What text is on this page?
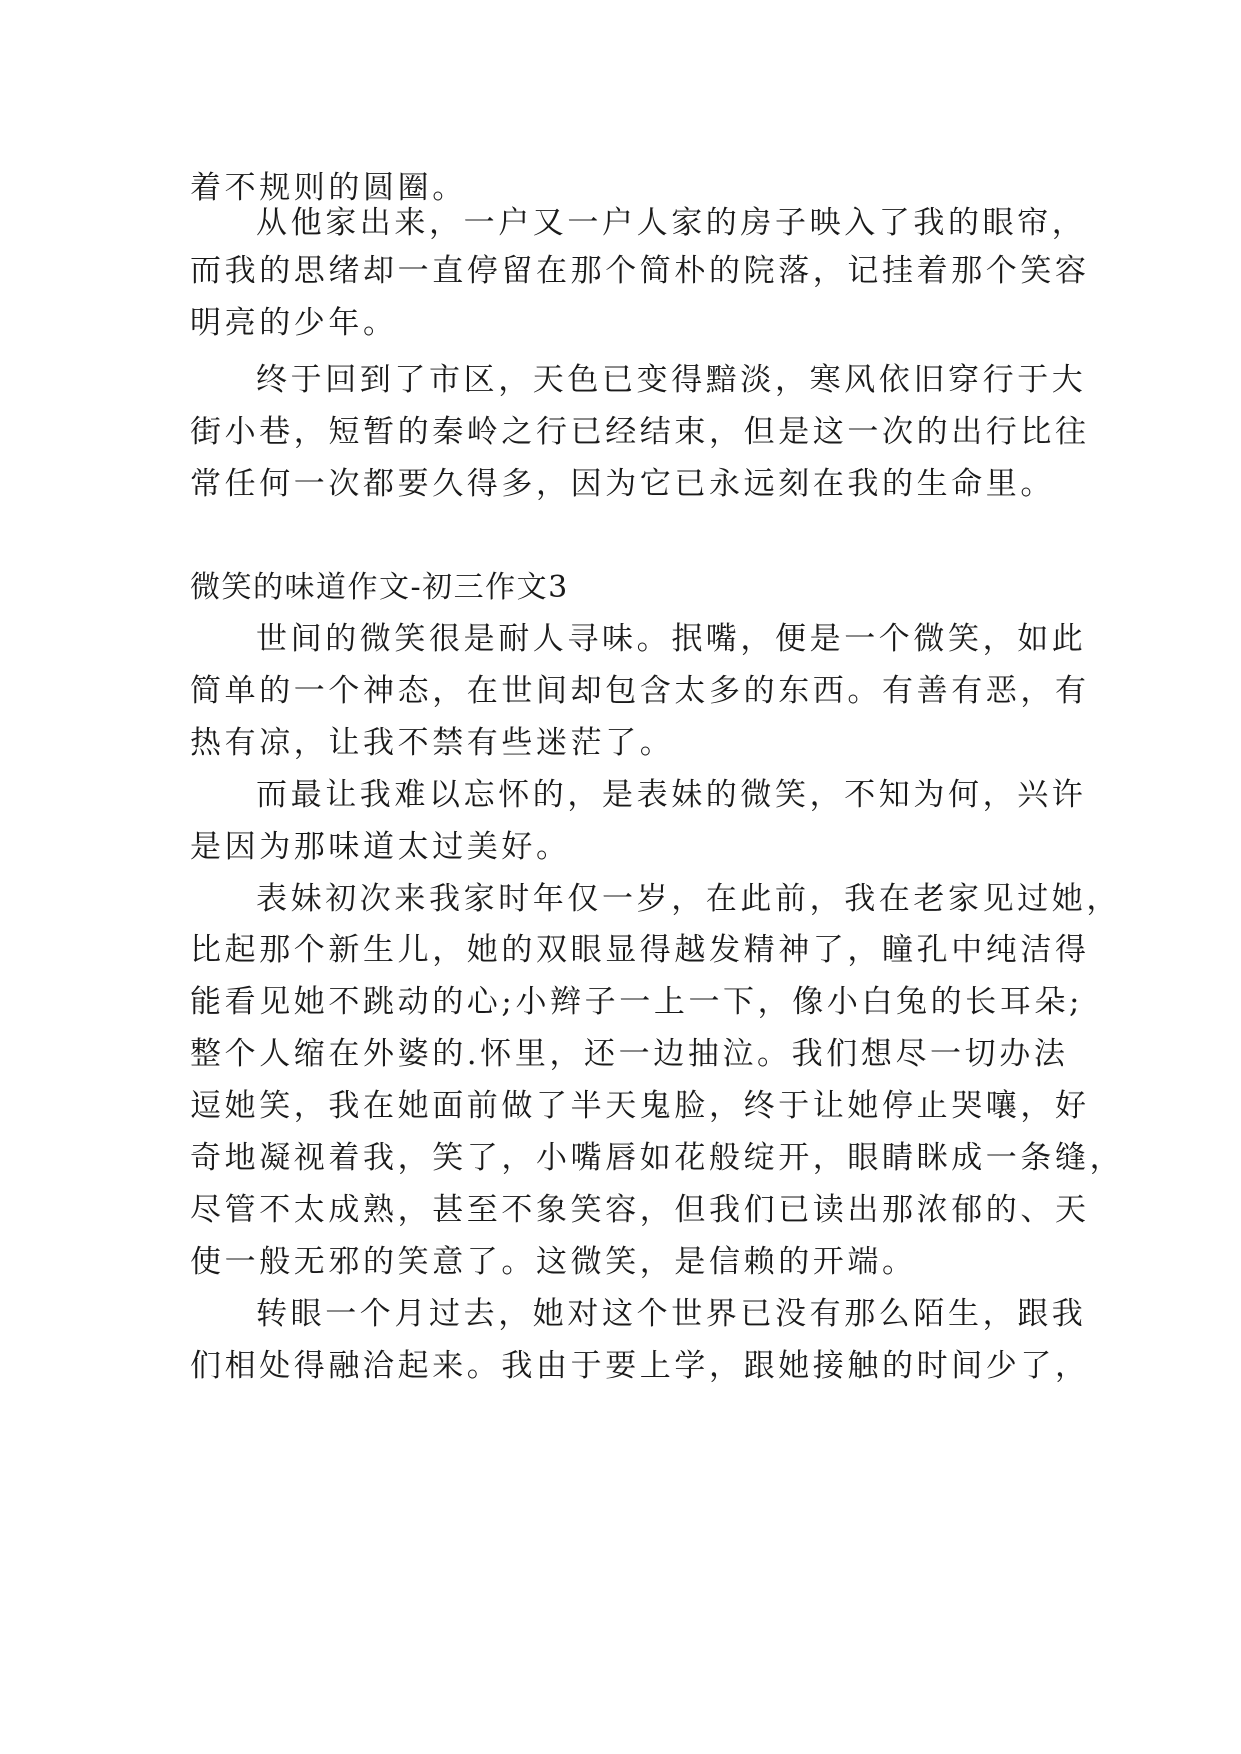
着不规则的圆圈。
从他家出来，一户又一户人家的房子映入了我的眼帘，
而我的思绪却一直停留在那个简朴的院落，记挂着那个笑容
明亮的少年。
终于回到了市区，天色已变得黯淡，寒风依旧穿行于大
街小巷，短暂的秦岭之行已经结束，但是这一次的出行比往
常任何一次都要久得多，因为它已永远刻在我的生命里。
微笑的味道作文-初三作文3
世间的微笑很是耐人寻味。抿嘴，便是一个微笑，如此
简单的一个神态，在世间却包含太多的东西。有善有恶，有
热有凉，让我不禁有些迷茫了。
而最让我难以忘怀的，是表妹的微笑，不知为何，兴许
是因为那味道太过美好。
表妹初次来我家时年仅一岁，在此前，我在老家见过她，
比起那个新生儿，她的双眼显得越发精神了，瞳孔中纯洁得
能看见她不跳动的心;小辫子一上一下，像小白兔的长耳朵;
整个人缩在外婆的.怀里，还一边抽泣。我们想尽一切办法
逗她笑，我在她面前做了半天鬼脸，终于让她停止哭嚷，好
奇地凝视着我，笑了，小嘴唇如花般绽开，眼睛眯成一条缝，
尽管不太成熟，甚至不象笑容，但我们已读出那浓郁的、天
使一般无邪的笑意了。这微笑，是信赖的开端。
转眼一个月过去，她对这个世界已没有那么陌生，跟我
们相处得融洽起来。我由于要上学，跟她接触的时间少了，
